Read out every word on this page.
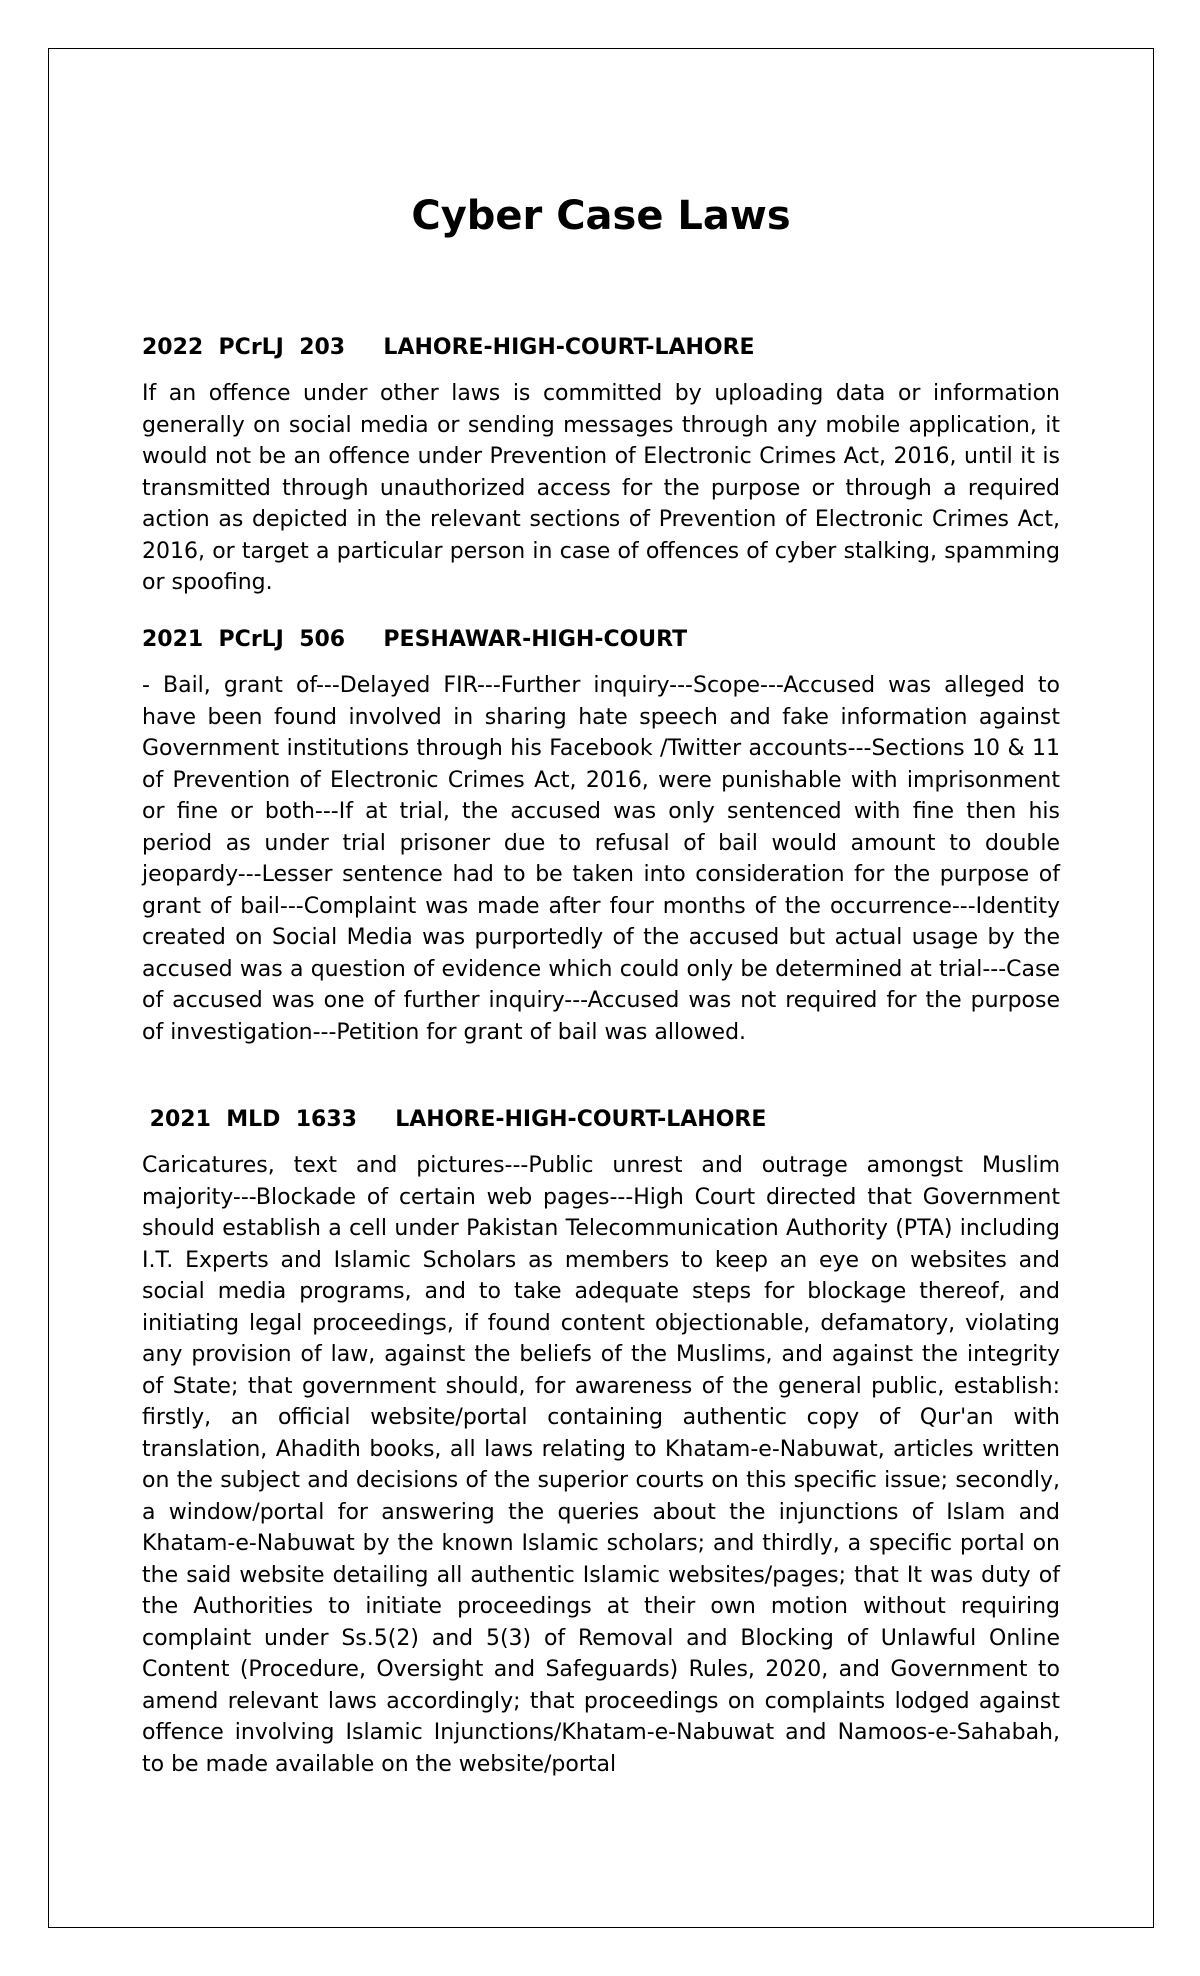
Cyber Case Laws

2022  PCrLJ  203 LAHORE-HIGH-COURT-LAHORE

If an offence under other laws is committed by uploading data or information generally on social media or sending messages through any mobile application, it would not be an offence under Prevention of Electronic Crimes Act, 2016, until it is transmitted through unauthorized access for the purpose or through a required action as depicted in the relevant sections of Prevention of Electronic Crimes Act, 2016, or target a particular person in case of offences of cyber stalking, spamming or spoofing.

2021  PCrLJ  506 PESHAWAR-HIGH-COURT

- Bail, grant of---Delayed FIR---Further inquiry---Scope---Accused was alleged to have been found involved in sharing hate speech and fake information against Government institutions through his Facebook /Twitter accounts---Sections 10 & 11 of Prevention of Electronic Crimes Act, 2016, were punishable with imprisonment or fine or both---If at trial, the accused was only sentenced with fine then his period as under trial prisoner due to refusal of bail would amount to double jeopardy---Lesser sentence had to be taken into consideration for the purpose of grant of bail---Complaint was made after four months of the occurrence---Identity created on Social Media was purportedly of the accused but actual usage by the accused was a question of evidence which could only be determined at trial---Case of accused was one of further inquiry---Accused was not required for the purpose of investigation---Petition for grant of bail was allowed.

2021  MLD  1633 LAHORE-HIGH-COURT-LAHORE

Caricatures, text and pictures---Public unrest and outrage amongst Muslim majority---Blockade of certain web pages---High Court directed that Government should establish a cell under Pakistan Telecommunication Authority (PTA) including I.T. Experts and Islamic Scholars as members to keep an eye on websites and social media programs, and to take adequate steps for blockage thereof, and initiating legal proceedings, if found content objectionable, defamatory, violating any provision of law, against the beliefs of the Muslims, and against the integrity of State; that government should, for awareness of the general public, establish: firstly, an official website/portal containing authentic copy of Qur'an with translation, Ahadith books, all laws relating to Khatam-e-Nabuwat, articles written on the subject and decisions of the superior courts on this specific issue; secondly, a window/portal for answering the queries about the injunctions of Islam and Khatam-e-Nabuwat by the known Islamic scholars; and thirdly, a specific portal on the said website detailing all authentic Islamic websites/pages; that It was duty of the Authorities to initiate proceedings at their own motion without requiring complaint under Ss.5(2) and 5(3) of Removal and Blocking of Unlawful Online Content (Procedure, Oversight and Safeguards) Rules, 2020, and Government to amend relevant laws accordingly; that proceedings on complaints lodged against offence involving Islamic Injunctions/Khatam-e-Nabuwat and Namoos-e-Sahabah, to be made available on the website/portal
